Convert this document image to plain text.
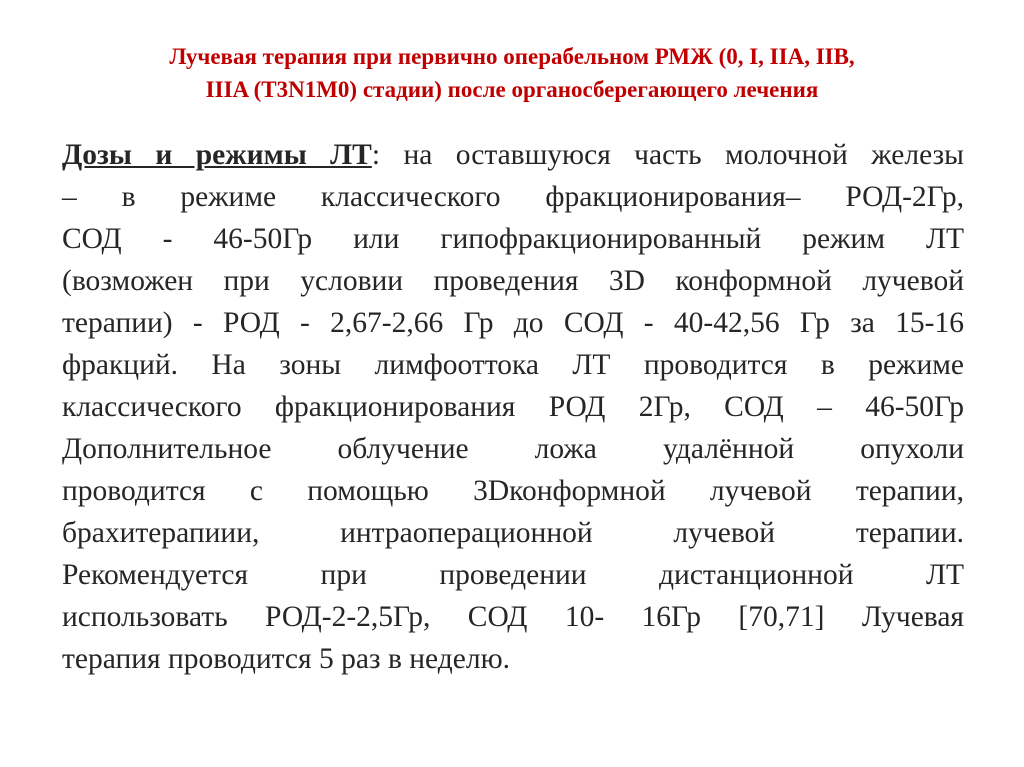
Лучевая терапия при первично операбельном РМЖ (0, I, IIA, IIB,
IIIA (T3N1M0) стадии) после органосберегающего лечения
Дозы и режимы ЛТ: на оставшуюся часть молочной железы
– в режиме классического фракционирования– РОД-2Гр,
СОД - 46-50Гр или гипофракционированный режим ЛТ
(возможен при условии проведения 3D конформной лучевой
терапии) - РОД - 2,67-2,66 Гр до СОД - 40-42,56 Гр за 15-16
фракций. На зоны лимфооттока ЛТ проводится в режиме
классического фракционирования РОД 2Гр, СОД – 46-50Гр
Дополнительное облучение ложа удалённой опухоли
проводится с помощью 3Dконформной лучевой терапии,
брахитерапиии, интраоперационной лучевой терапии.
Рекомендуется при проведении дистанционной ЛТ
использовать РОД-2-2,5Гр, СОД 10- 16Гр [70,71] Лучевая
терапия проводится 5 раз в неделю.
